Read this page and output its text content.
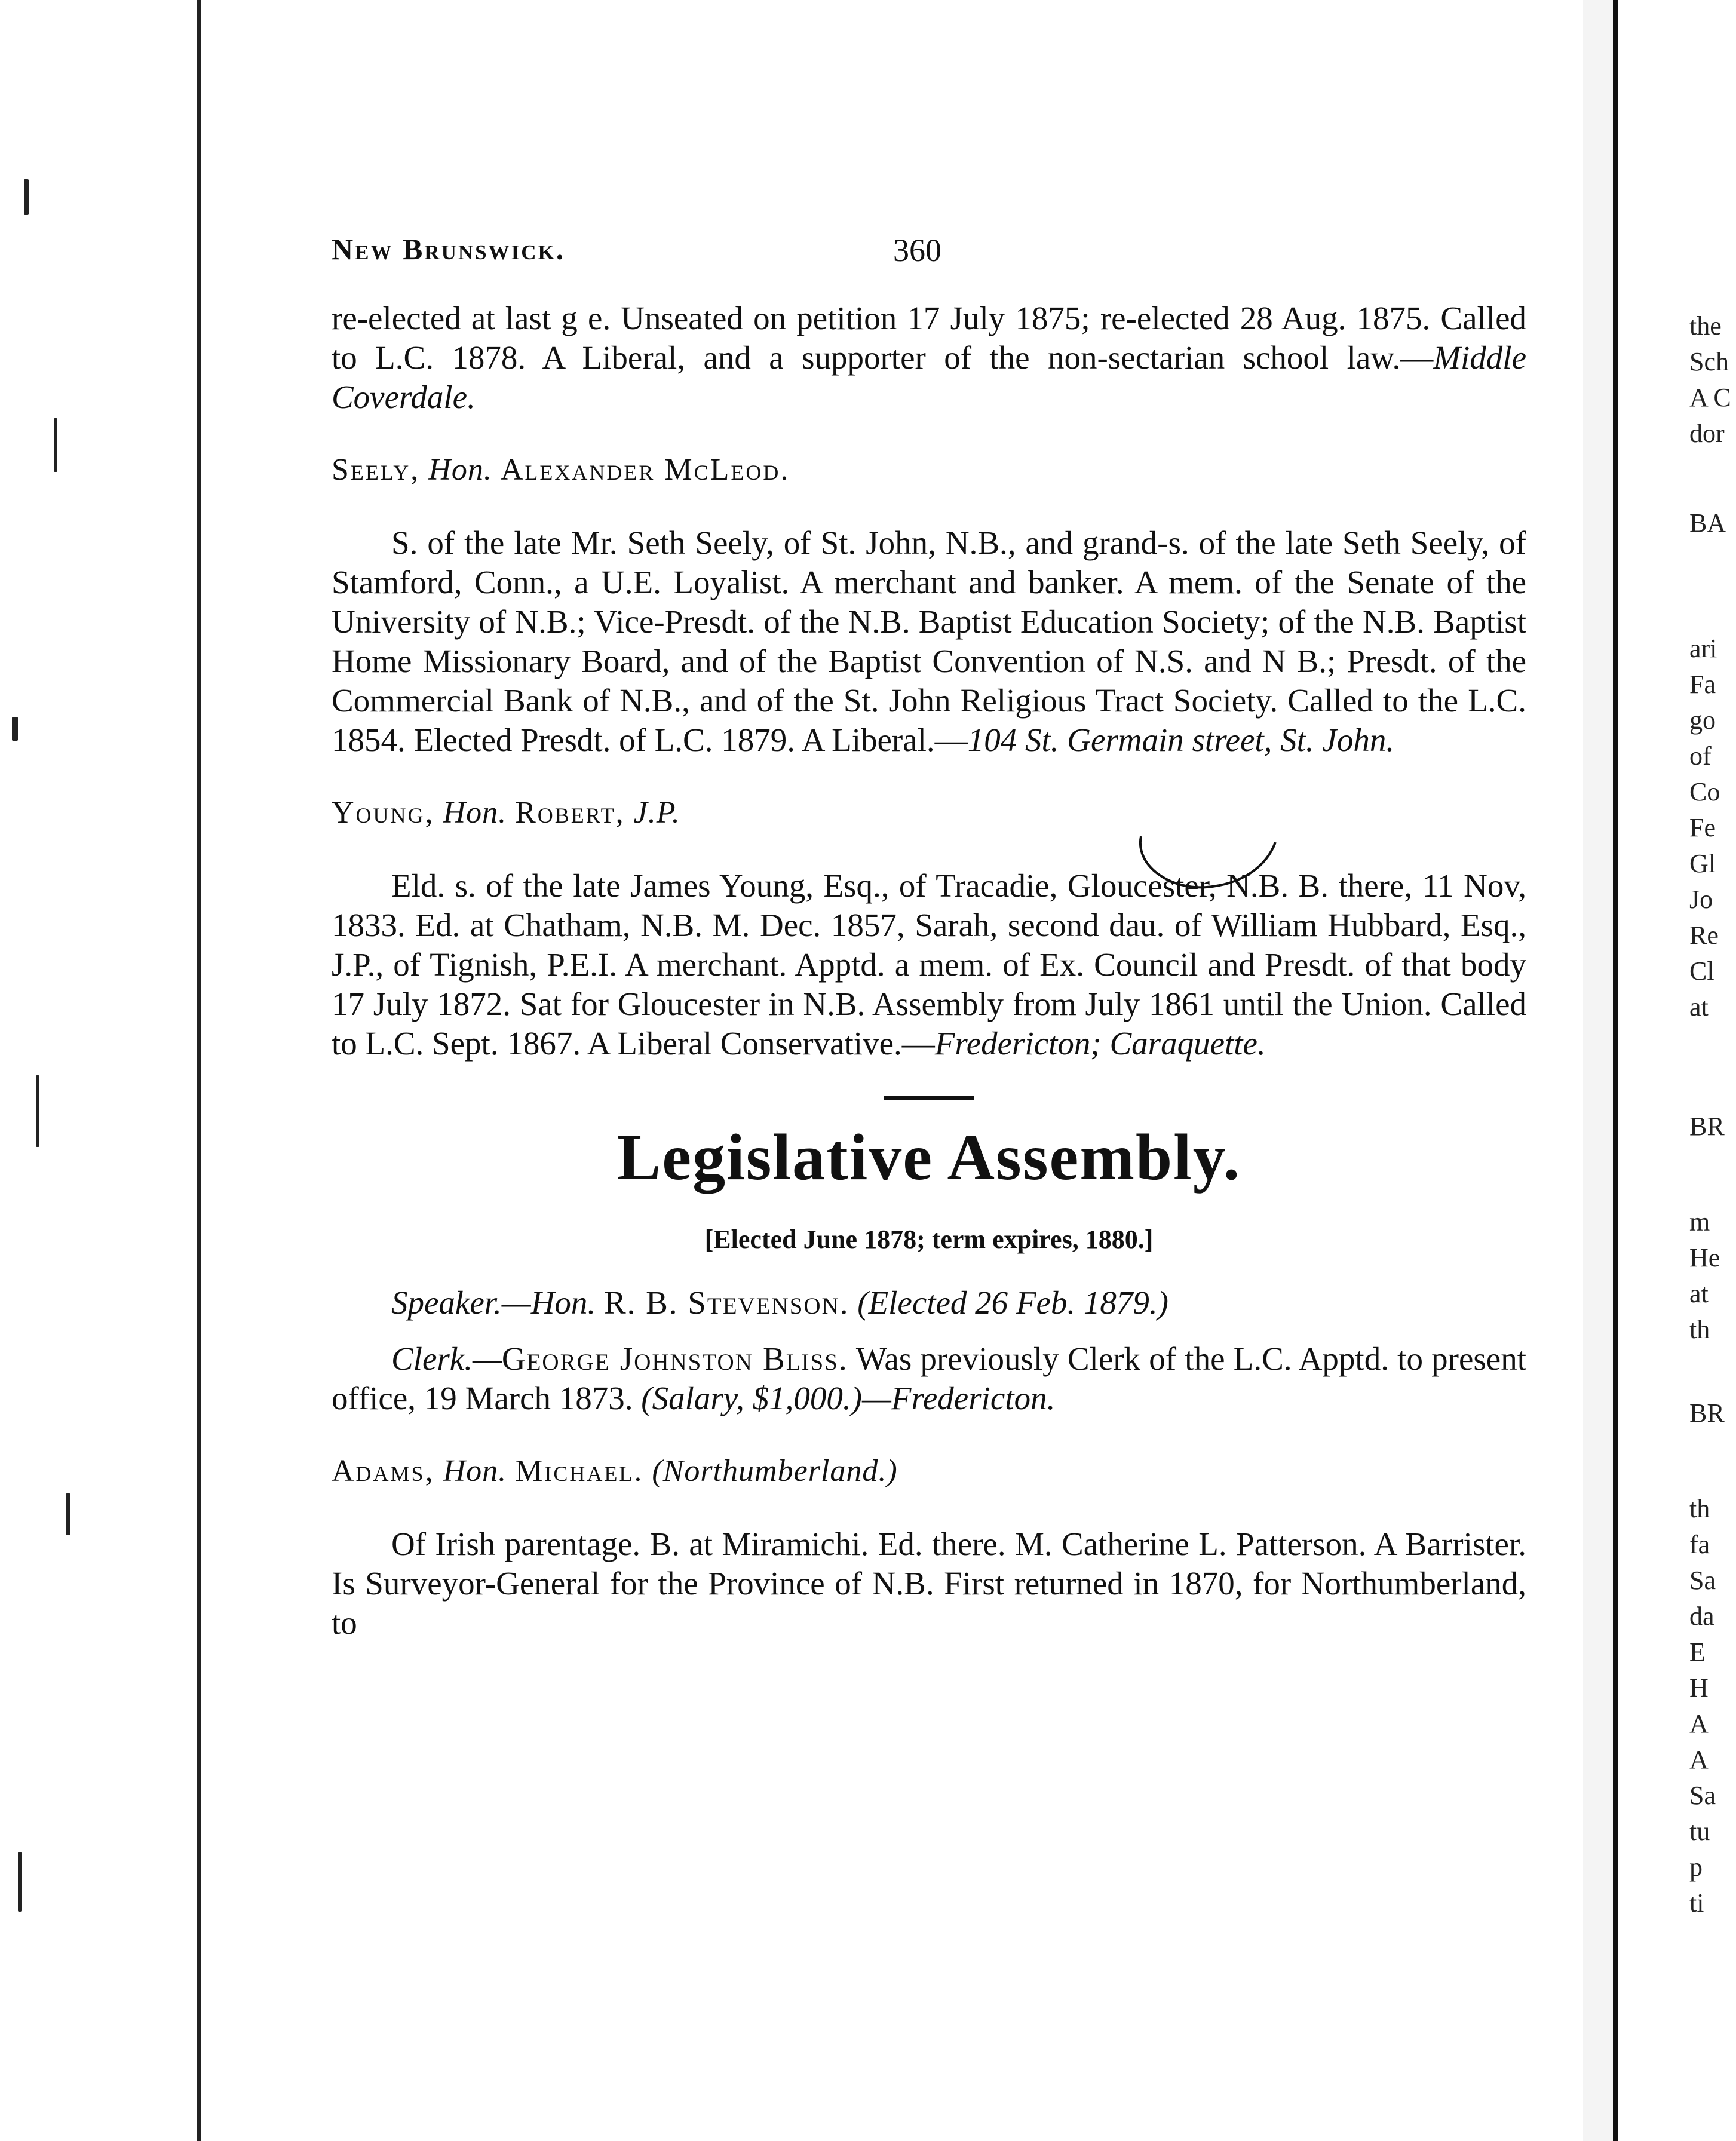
the
Sch
A C
dor
BA
ari
Fa
go
of
Co
Fe
Gl
Jo
Re
Cl
at
BR
m
He
at
th
BR
th
fa
Sa
da
E
H
A
A
Sa
tu
p
ti
New Brunswick.	360

re-elected at last g e. Unseated on petition 17 July 1875; re-elected 28 Aug. 1875. Called to L.C. 1878. A Liberal, and a supporter of the non-sectarian school law.—Middle Coverdale.

Seely, Hon. Alexander McLeod.

S. of the late Mr. Seth Seely, of St. John, N.B., and grand-s. of the late Seth Seely, of Stamford, Conn., a U.E. Loyalist. A merchant and banker. A mem. of the Senate of the University of N.B.; Vice-Presdt. of the N.B. Baptist Education Society; of the N.B. Baptist Home Missionary Board, and of the Baptist Convention of N.S. and N B.; Presdt. of the Commercial Bank of N.B., and of the St. John Religious Tract Society. Called to the L.C. 1854. Elected Presdt. of L.C. 1879. A Liberal.—104 St. Germain street, St. John.

Young, Hon. Robert, J.P.

Eld. s. of the late James Young, Esq., of Tracadie, Gloucester, N.B. B. there, 11 Nov, 1833. Ed. at Chatham, N.B. M. Dec. 1857, Sarah, second dau. of William Hubbard, Esq., J.P., of Tignish, P.E.I. A merchant. Apptd. a mem. of Ex. Council and Presdt. of that body 17 July 1872. Sat for Gloucester in N.B. Assembly from July 1861 until the Union. Called to L.C. Sept. 1867. A Liberal Conservative.—Fredericton; Caraquette.

Legislative Assembly.
[Elected June 1878; term expires, 1880.]

Speaker.—Hon. R. B. Stevenson. (Elected 26 Feb. 1879.)

Clerk.—George Johnston Bliss. Was previously Clerk of the L.C. Apptd. to present office, 19 March 1873. (Salary, $1,000.)—Fredericton.

Adams, Hon. Michael. (Northumberland.)

Of Irish parentage. B. at Miramichi. Ed. there. M. Catherine L. Patterson. A Barrister. Is Surveyor-General for the Province of N.B. First returned in 1870, for Northumberland, to
